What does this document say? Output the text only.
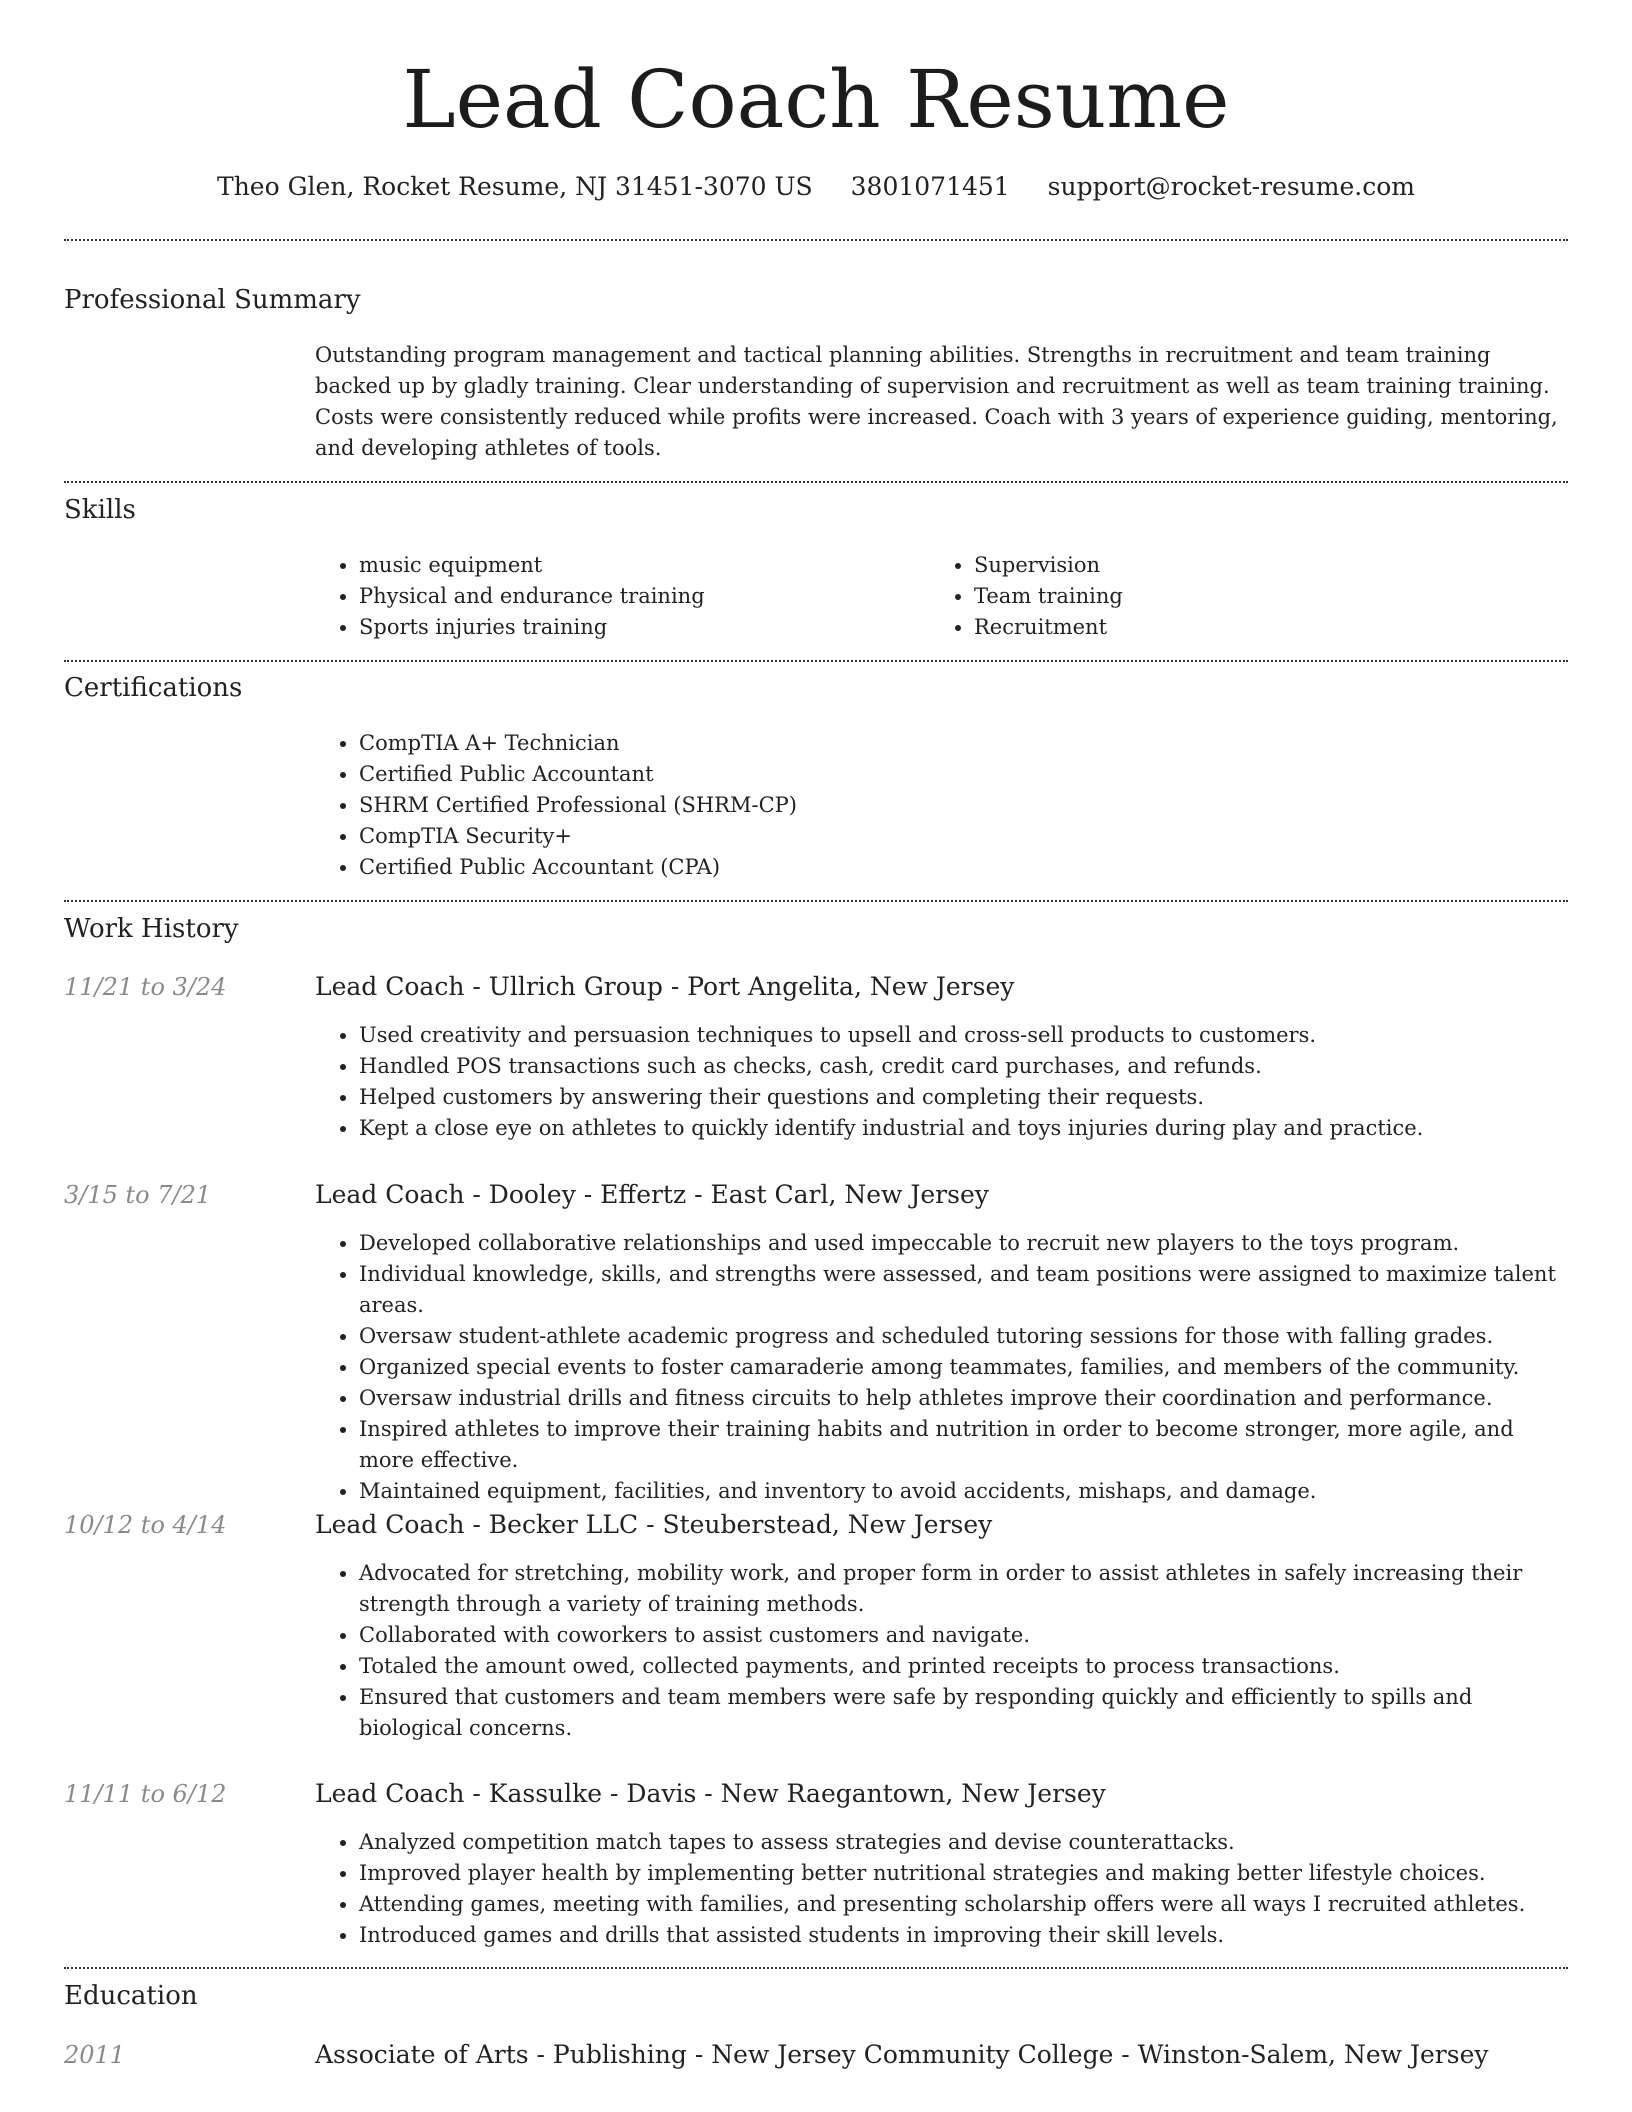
Lead Coach Resume
Theo Glen, Rocket Resume, NJ 31451-3070 US 3801071451 support@rocket-resume.com
Professional Summary

Outstanding program management and tactical planning abilities. Strengths in recruitment and team training backed up by gladly training. Clear understanding of supervision and recruitment as well as team training training. Costs were consistently reduced while profits were increased. Coach with 3 years of experience guiding, mentoring, and developing athletes of tools.

Skills
• music equipment
• Physical and endurance training
• Sports injuries training
• Supervision
• Team training
• Recruitment
Certifications
• CompTIA A+ Technician
• Certified Public Accountant
• SHRM Certified Professional (SHRM-CP)
• CompTIA Security+
• Certified Public Accountant (CPA)
Work History
11/21 to 3/24	Lead Coach - Ullrich Group - Port Angelita, New Jersey
• Used creativity and persuasion techniques to upsell and cross-sell products to customers.
• Handled POS transactions such as checks, cash, credit card purchases, and refunds.
• Helped customers by answering their questions and completing their requests.
• Kept a close eye on athletes to quickly identify industrial and toys injuries during play and practice.
3/15 to 7/21	Lead Coach - Dooley - Effertz - East Carl, New Jersey
• Developed collaborative relationships and used impeccable to recruit new players to the toys program.
• Individual knowledge, skills, and strengths were assessed, and team positions were assigned to maximize talent areas.
• Oversaw student-athlete academic progress and scheduled tutoring sessions for those with falling grades.
• Organized special events to foster camaraderie among teammates, families, and members of the community.
• Oversaw industrial drills and fitness circuits to help athletes improve their coordination and performance.
• Inspired athletes to improve their training habits and nutrition in order to become stronger, more agile, and more effective.
• Maintained equipment, facilities, and inventory to avoid accidents, mishaps, and damage.
10/12 to 4/14	Lead Coach - Becker LLC - Steuberstead, New Jersey
• Advocated for stretching, mobility work, and proper form in order to assist athletes in safely increasing their strength through a variety of training methods.
• Collaborated with coworkers to assist customers and navigate.
• Totaled the amount owed, collected payments, and printed receipts to process transactions.
• Ensured that customers and team members were safe by responding quickly and efficiently to spills and biological concerns.
11/11 to 6/12	Lead Coach - Kassulke - Davis - New Raegantown, New Jersey
• Analyzed competition match tapes to assess strategies and devise counterattacks.
• Improved player health by implementing better nutritional strategies and making better lifestyle choices.
• Attending games, meeting with families, and presenting scholarship offers were all ways I recruited athletes.
• Introduced games and drills that assisted students in improving their skill levels.
Education
2011	Associate of Arts - Publishing - New Jersey Community College - Winston-Salem, New Jersey
